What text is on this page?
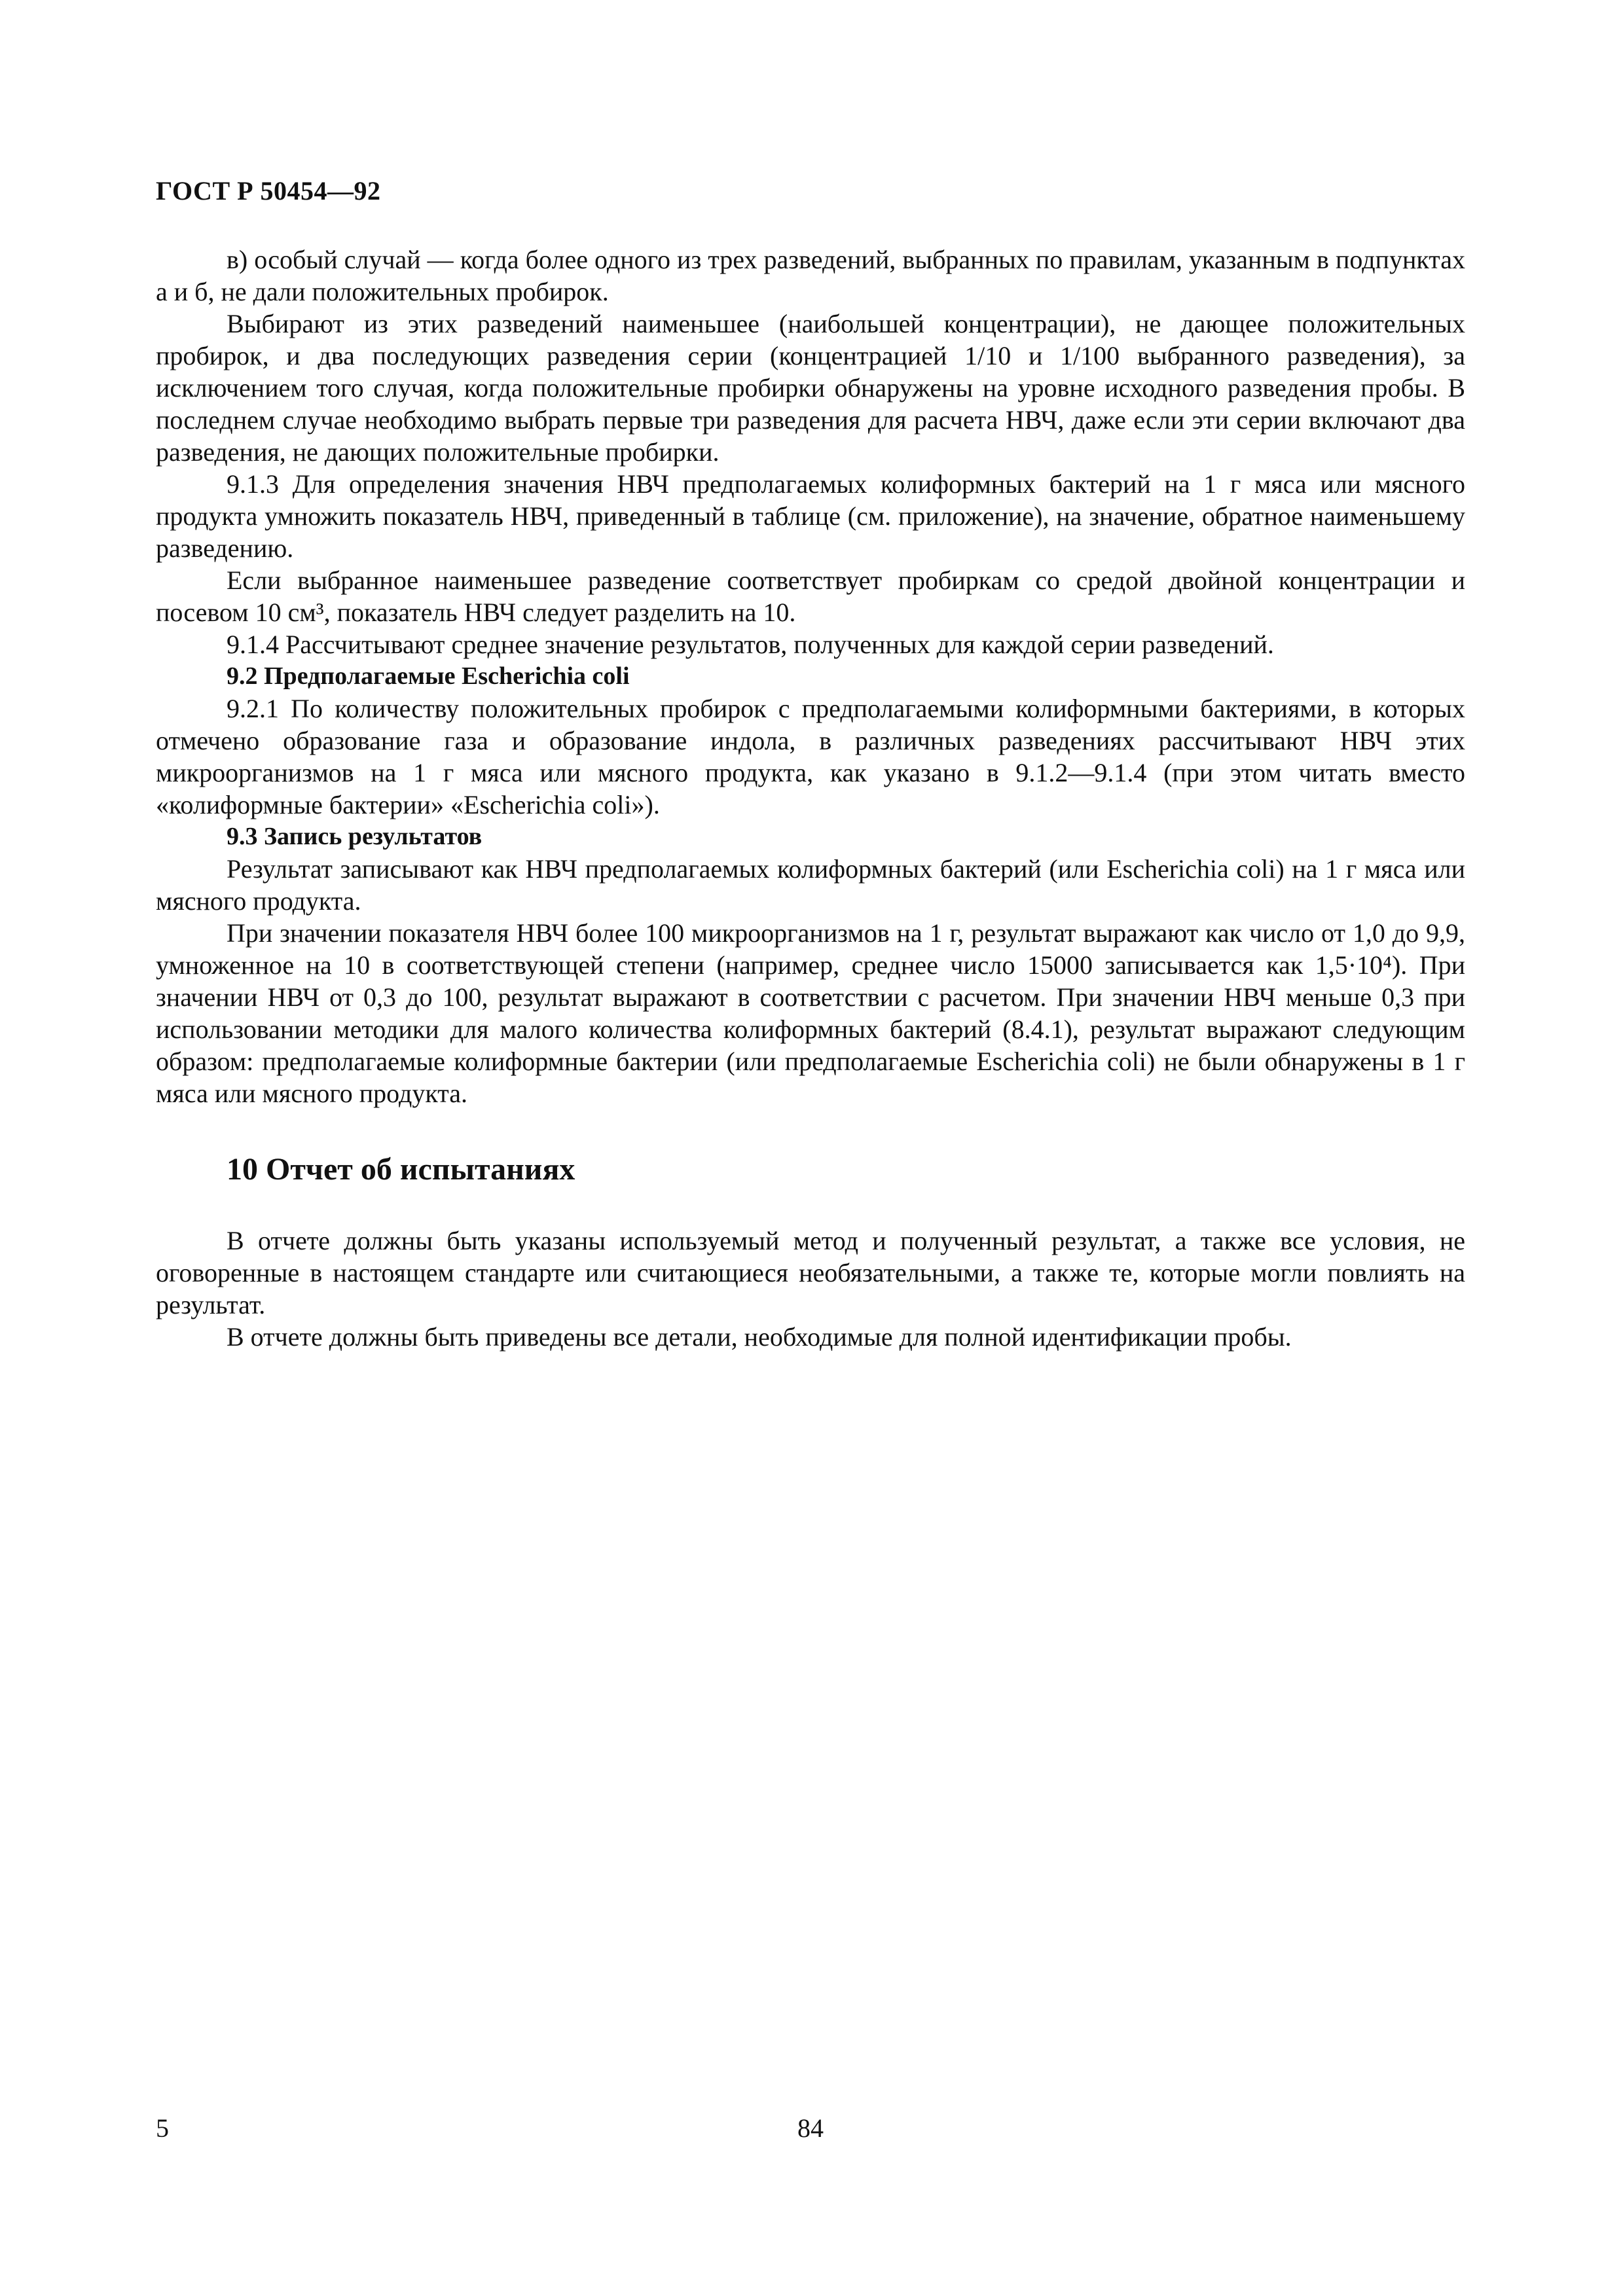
ГОСТ Р 50454—92

в) особый случай — когда более одного из трех разведений, выбранных по правилам, указанным в подпунктах а и б, не дали положительных пробирок.

Выбирают из этих разведений наименьшее (наибольшей концентрации), не дающее положительных пробирок, и два последующих разведения серии (концентрацией 1/10 и 1/100 выбранного разведения), за исключением того случая, когда положительные пробирки обнаружены на уровне исходного разведения пробы. В последнем случае необходимо выбрать первые три разведения для расчета НВЧ, даже если эти серии включают два разведения, не дающих положительные пробирки.

9.1.3 Для определения значения НВЧ предполагаемых колиформных бактерий на 1 г мяса или мясного продукта умножить показатель НВЧ, приведенный в таблице (см. приложение), на значение, обратное наименьшему разведению.

Если выбранное наименьшее разведение соответствует пробиркам со средой двойной концентрации и посевом 10 см³, показатель НВЧ следует разделить на 10.

9.1.4 Рассчитывают среднее значение результатов, полученных для каждой серии разведений.

9.2 Предполагаемые Escherichia coli

9.2.1 По количеству положительных пробирок с предполагаемыми колиформными бактериями, в которых отмечено образование газа и образование индола, в различных разведениях рассчитывают НВЧ этих микроорганизмов на 1 г мяса или мясного продукта, как указано в 9.1.2—9.1.4 (при этом читать вместо «колиформные бактерии» «Escherichia coli»).

9.3 Запись результатов

Результат записывают как НВЧ предполагаемых колиформных бактерий (или Escherichia coli) на 1 г мяса или мясного продукта.

При значении показателя НВЧ более 100 микроорганизмов на 1 г, результат выражают как число от 1,0 до 9,9, умноженное на 10 в соответствующей степени (например, среднее число 15000 записывается как 1,5·10⁴). При значении НВЧ от 0,3 до 100, результат выражают в соответствии с расчетом. При значении НВЧ меньше 0,3 при использовании методики для малого количества колиформных бактерий (8.4.1), результат выражают следующим образом: предполагаемые колиформные бактерии (или предполагаемые Escherichia coli) не были обнаружены в 1 г мяса или мясного продукта.

10 Отчет об испытаниях

В отчете должны быть указаны используемый метод и полученный результат, а также все условия, не оговоренные в настоящем стандарте или считающиеся необязательными, а также те, которые могли повлиять на результат.

В отчете должны быть приведены все детали, необходимые для полной идентификации пробы.

5	84
